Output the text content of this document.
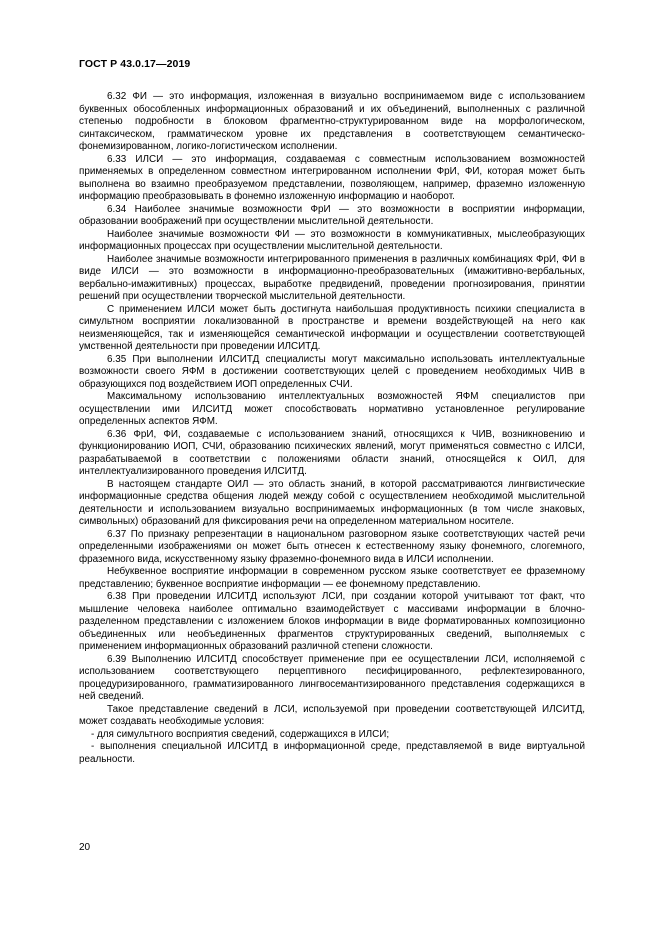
ГОСТ Р 43.0.17—2019

6.32 ФИ — это информация, изложенная в визуально воспринимаемом виде с использованием буквенных обособленных информационных образований и их объединений, выполненных с различной степенью подробности в блоковом фрагментно-структурированном виде на морфологическом, синтаксическом, грамматическом уровне их представления в соответствующем семантическо-фонемизированном, логико-логистическом исполнении.

6.33 ИЛСИ — это информация, создаваемая с совместным использованием возможностей применяемых в определенном совместном интегрированном исполнении ФрИ, ФИ, которая может быть выполнена во взаимно преобразуемом представлении, позволяющем, например, фраземно изложенную информацию преобразовывать в фонемно изложенную информацию и наоборот.

6.34 Наиболее значимые возможности ФрИ — это возможности в восприятии информации, образовании воображений при осуществлении мыслительной деятельности.

Наиболее значимые возможности ФИ — это возможности в коммуникативных, мыслеобразующих информационных процессах при осуществлении мыслительной деятельности.

Наиболее значимые возможности интегрированного применения в различных комбинациях ФрИ, ФИ в виде ИЛСИ — это возможности в информационно-преобразовательных (имажитивно-вербальных, вербально-имажитивных) процессах, выработке предвидений, проведении прогнозирования, принятии решений при осуществлении творческой мыслительной деятельности.

С применением ИЛСИ может быть достигнута наибольшая продуктивность психики специалиста в симультном восприятии локализованной в пространстве и времени воздействующей на него как неизменяющейся, так и изменяющейся семантической информации и осуществлении соответствующей умственной деятельности при проведении ИЛСИТД.

6.35 При выполнении ИЛСИТД специалисты могут максимально использовать интеллектуальные возможности своего ЯФМ в достижении соответствующих целей с проведением необходимых ЧИВ в образующихся под воздействием ИОП определенных СЧИ.

Максимальному использованию интеллектуальных возможностей ЯФМ специалистов при осуществлении ими ИЛСИТД может способствовать нормативно установленное регулирование определенных аспектов ЯФМ.

6.36 ФрИ, ФИ, создаваемые с использованием знаний, относящихся к ЧИВ, возникновению и функционированию ИОП, СЧИ, образованию психических явлений, могут применяться совместно с ИЛСИ, разрабатываемой в соответствии с положениями области знаний, относящейся к ОИЛ, для интеллектуализированного проведения ИЛСИТД.

В настоящем стандарте ОИЛ — это область знаний, в которой рассматриваются лингвистические информационные средства общения людей между собой с осуществлением необходимой мыслительной деятельности и использованием визуально воспринимаемых информационных (в том числе знаковых, символьных) образований для фиксирования речи на определенном материальном носителе.

6.37 По признаку репрезентации в национальном разговорном языке соответствующих частей речи определенными изображениями он может быть отнесен к естественному языку фонемного, слогемного, фраземного вида, искусственному языку фраземно-фонемного вида в ИЛСИ исполнении.

Небуквенное восприятие информации в современном русском языке соответствует ее фраземному представлению; буквенное восприятие информации — ее фонемному представлению.

6.38 При проведении ИЛСИТД используют ЛСИ, при создании которой учитывают тот факт, что мышление человека наиболее оптимально взаимодействует с массивами информации в блочно-разделенном представлении с изложением блоков информации в виде форматированных композиционно объединенных или необъединенных фрагментов структурированных сведений, выполняемых с применением информационных образований различной степени сложности.

6.39 Выполнению ИЛСИТД способствует применение при ее осуществлении ЛСИ, исполняемой с использованием соответствующего перцептивного песифицированного, рефлектезированного, процедуризированного, грамматизированного лингвосемантизированного представления содержащихся в ней сведений.

Такое представление сведений в ЛСИ, используемой при проведении соответствующей ИЛСИТД, может создавать необходимые условия:

- для симультного восприятия сведений, содержащихся в ИЛСИ;

- выполнения специальной ИЛСИТД в информационной среде, представляемой в виде виртуальной реальности.

20
